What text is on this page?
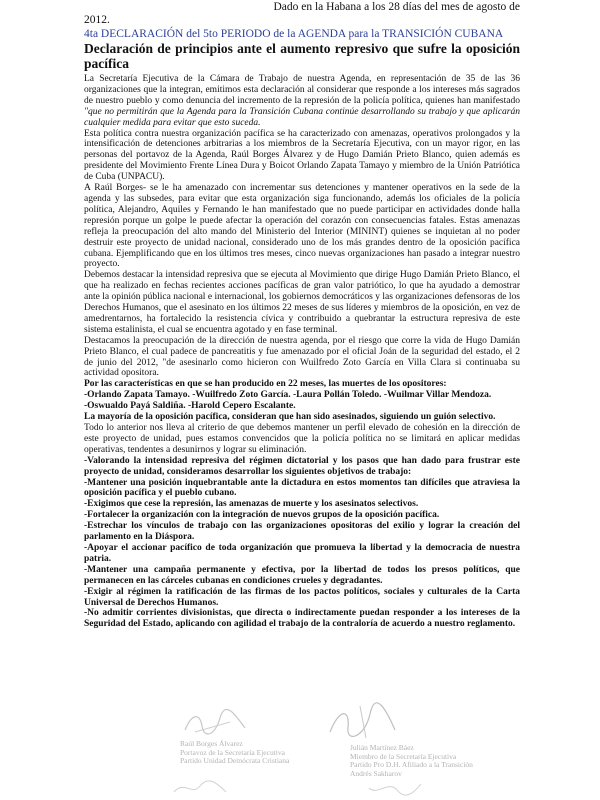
Dado en la Habana a los 28 días del mes de agosto de

2012.

4ta DECLARACIÓN del 5to PERIODO de la AGENDA para la TRANSICIÓN CUBANA

Declaración de principios ante el aumento represivo que sufre la oposición pacífica

La Secretaría Ejecutiva de la Cámara de Trabajo de nuestra Agenda, en representación de 35 de las 36 organizaciones que la integran, emitimos esta declaración al considerar que responde a los intereses más sagrados de nuestro pueblo y como denuncia del incremento de la represión de la policía política, quienes han manifestado "que no permitirán que la Agenda para la Transición Cubana continúe desarrollando su trabajo y que aplicarán cualquier medida para evitar que esto suceda.

Esta política contra nuestra organización pacífica se ha caracterizado con amenazas, operativos prolongados y la intensificación de detenciones arbitrarias a los miembros de la Secretaría Ejecutiva, con un mayor rigor, en las personas del portavoz de la Agenda, Raúl Borges Álvarez y de Hugo Damián Prieto Blanco, quien además es presidente del Movimiento Frente Línea Dura y Boicot Orlando Zapata Tamayo y miembro de la Unión Patriótica de Cuba (UNPACU).

A Raúl Borges- se le ha amenazado con incrementar sus detenciones y mantener operativos en la sede de la agenda y las subsedes, para evitar que esta organización siga funcionando, además los oficiales de la policía política, Alejandro, Aquiles y Fernando le han manifestado que no puede participar en actividades donde halla represión porque un golpe le puede afectar la operación del corazón con consecuencias fatales. Estas amenazas refleja la preocupación del alto mando del Ministerio del Interior (MININT) quienes se inquietan al no poder destruir este proyecto de unidad nacional, considerado uno de los más grandes dentro de la oposición pacífica cubana. Ejemplificando que en los últimos tres meses, cinco nuevas organizaciones han pasado a integrar nuestro proyecto.

Debemos destacar la intensidad represiva que se ejecuta al Movimiento que dirige Hugo Damián Prieto Blanco, el que ha realizado en fechas recientes acciones pacíficas de gran valor patriótico, lo que ha ayudado a demostrar ante la opinión pública nacional e internacional, los gobiernos democráticos y las organizaciones defensoras de los Derechos Humanos, que el asesinato en los últimos 22 meses de sus líderes y miembros de la oposición, en vez de amedrentarnos, ha fortalecido la resistencia cívica y contribuido a quebrantar la estructura represiva de este sistema estalinista, el cual se encuentra agotado y en fase terminal.

Destacamos la preocupación de la dirección de nuestra agenda, por el riesgo que corre la vida de Hugo Damián Prieto Blanco, el cual padece de pancreatitis y fue amenazado por el oficial Joán de la seguridad del estado, el 2 de junio del 2012, "de asesinarlo como hicieron con Wuilfredo Zoto García en Villa Clara si continuaba su actividad opositora.

Por las características en que se han producido en 22 meses, las muertes de los opositores:

-Orlando Zapata Tamayo. -Wuilfredo Zoto García. -Laura Pollán Toledo. -Wuilmar Villar Mendoza.

-Oswualdo Payá Saldiña. -Harold Cepero Escalante.

La mayoría de la oposición pacífica, consideran que han sido asesinados, siguiendo un guión selectivo.

Todo lo anterior nos lleva al criterio de que debemos mantener un perfil elevado de cohesión en la dirección de este proyecto de unidad, pues estamos convencidos que la policía política no se limitará en aplicar medidas operativas, tendentes a desunirnos y lograr su eliminación.

-Valorando la intensidad represiva del régimen dictatorial y los pasos que han dado para frustrar este proyecto de unidad, consideramos desarrollar los siguientes objetivos de trabajo:

-Mantener una posición inquebrantable ante la dictadura en estos momentos tan difíciles que atraviesa la oposición pacífica y el pueblo cubano.

-Exigimos que cese la represión, las amenazas de muerte y los asesinatos selectivos.

-Fortalecer la organización con la integración de nuevos grupos de la oposición pacífica.

-Estrechar los vínculos de trabajo con las organizaciones opositoras del exilio y lograr la creación del parlamento en la Diáspora.

-Apoyar el accionar pacífico de toda organización que promueva la libertad y la democracia de nuestra patria.

-Mantener una campaña permanente y efectiva, por la libertad de todos los presos políticos, que permanecen en las cárceles cubanas en condiciones crueles y degradantes.

-Exigir al régimen la ratificación de las firmas de los pactos políticos, sociales y culturales de la Carta Universal de Derechos Humanos.

-No admitir corrientes divisionistas, que directa o indirectamente puedan responder a los intereses de la Seguridad del Estado, aplicando con agilidad el trabajo de la contraloría de acuerdo a nuestro reglamento.

Raúl Borges Álvarez

Portavoz de la Secretaría Ejecutiva

Partido Unidad Demócrata Cristiana

Julián Martínez Báez

Miembro de la Secretaría Ejecutiva

Partido Pro D.H. Afiliado a la Transición

Andrés Sakharov
